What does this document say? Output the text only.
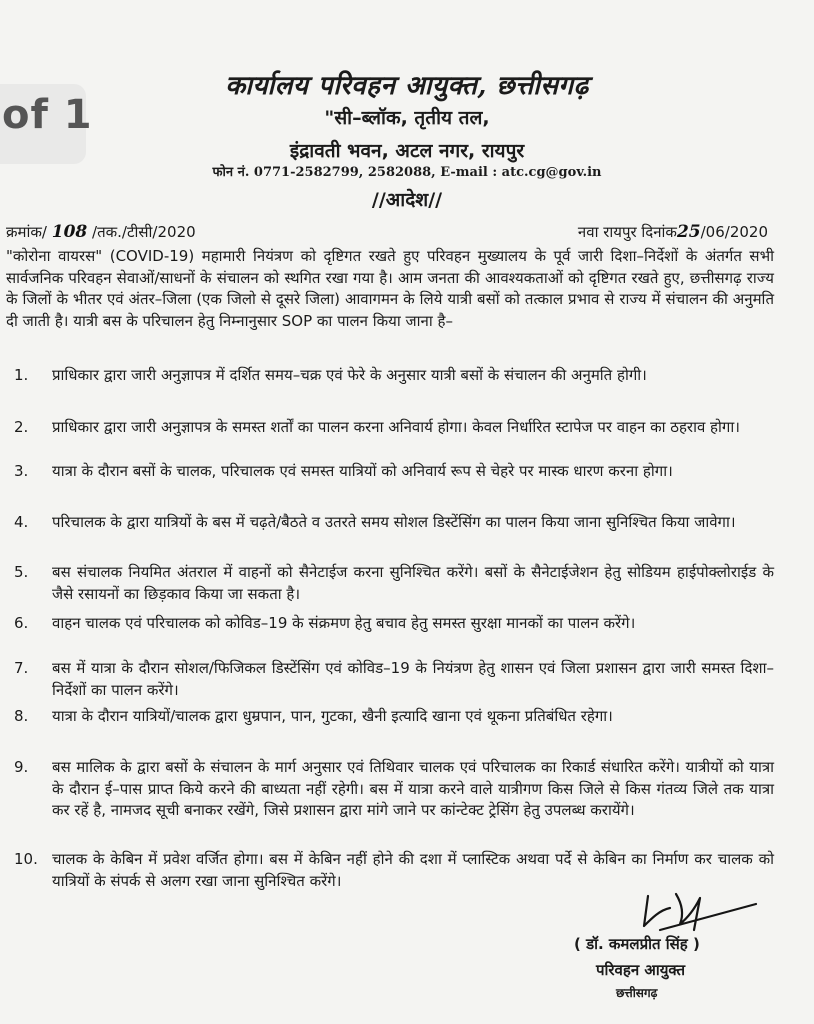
of 1
कार्यालय परिवहन आयुक्त, छत्तीसगढ़
"सी–ब्लॉक, तृतीय तल,
इंद्रावती भवन, अटल नगर, रायपुर
फोन नं. 0771-2582799, 2582088, E-mail : atc.cg@gov.in
//आदेश//
क्रमांक/ 108 /तक./टीसी/2020	नवा रायपुर दिनांक25/06/2020
"कोरोना वायरस" (COVID-19) महामारी नियंत्रण को दृष्टिगत रखते हुए परिवहन मुख्यालय के पूर्व जारी दिशा–निर्देशों के अंतर्गत सभी सार्वजनिक परिवहन सेवाओं/साधनों के संचालन को स्थगित रखा गया है। आम जनता की आवश्यकताओं को दृष्टिगत रखते हुए, छत्तीसगढ़ राज्य के जिलों के भीतर एवं अंतर–जिला (एक जिलो से दूसरे जिला) आवागमन के लिये यात्री बसों को तत्काल प्रभाव से राज्य में संचालन की अनुमति दी जाती है। यात्री बस के परिचालन हेतु निम्नानुसार SOP का पालन किया जाना है–
1.	प्राधिकार द्वारा जारी अनुज्ञापत्र में दर्शित समय–चक्र एवं फेरे के अनुसार यात्री बसों के संचालन की अनुमति होगी।
2.	प्राधिकार द्वारा जारी अनुज्ञापत्र के समस्त शर्तों का पालन करना अनिवार्य होगा। केवल निर्धारित स्टापेज पर वाहन का ठहराव होगा।
3.	यात्रा के दौरान बसों के चालक, परिचालक एवं समस्त यात्रियों को अनिवार्य रूप से चेहरे पर मास्क धारण करना होगा।
4.	परिचालक के द्वारा यात्रियों के बस में चढ़ते/बैठते व उतरते समय सोशल डिस्टेंसिंग का पालन किया जाना सुनिश्चित किया जावेगा।
5.	बस संचालक नियमित अंतराल में वाहनों को सैनेटाईज करना सुनिश्चित करेंगे। बसों के सैनेटाईजेशन हेतु सोडियम हाईपोक्लोराईड के जैसे रसायनों का छिड़काव किया जा सकता है।
6.	वाहन चालक एवं परिचालक को कोविड–19 के संक्रमण हेतु बचाव हेतु समस्त सुरक्षा मानकों का पालन करेंगे।
7.	बस में यात्रा के दौरान सोशल/फिजिकल डिस्टेंसिंग एवं कोविड–19 के नियंत्रण हेतु शासन एवं जिला प्रशासन द्वारा जारी समस्त दिशा–निर्देशों का पालन करेंगे।
8.	यात्रा के दौरान यात्रियों/चालक द्वारा धुम्रपान, पान, गुटका, खैनी इत्यादि खाना एवं थूकना प्रतिबंधित रहेगा।
9.	बस मालिक के द्वारा बसों के संचालन के मार्ग अनुसार एवं तिथिवार चालक एवं परिचालक का रिकार्ड संधारित करेंगे। यात्रीयों को यात्रा के दौरान ई–पास प्राप्त किये करने की बाध्यता नहीं रहेगी। बस में यात्रा करने वाले यात्रीगण किस जिले से किस गंतव्य जिले तक यात्रा कर रहें है, नामजद सूची बनाकर रखेंगे, जिसे प्रशासन द्वारा मांगे जाने पर कांन्टेक्ट ट्रेसिंग हेतु उपलब्ध करायेंगे।
10. चालक के केबिन में प्रवेश वर्जित होगा। बस में केबिन नहीं होने की दशा में प्लास्टिक अथवा पर्दे से केबिन का निर्माण कर चालक को यात्रियों के संपर्क से अलग रखा जाना सुनिश्चित करेंगे।
( डॉ. कमलप्रीत सिंह )
परिवहन आयुक्त
छत्तीसगढ़
